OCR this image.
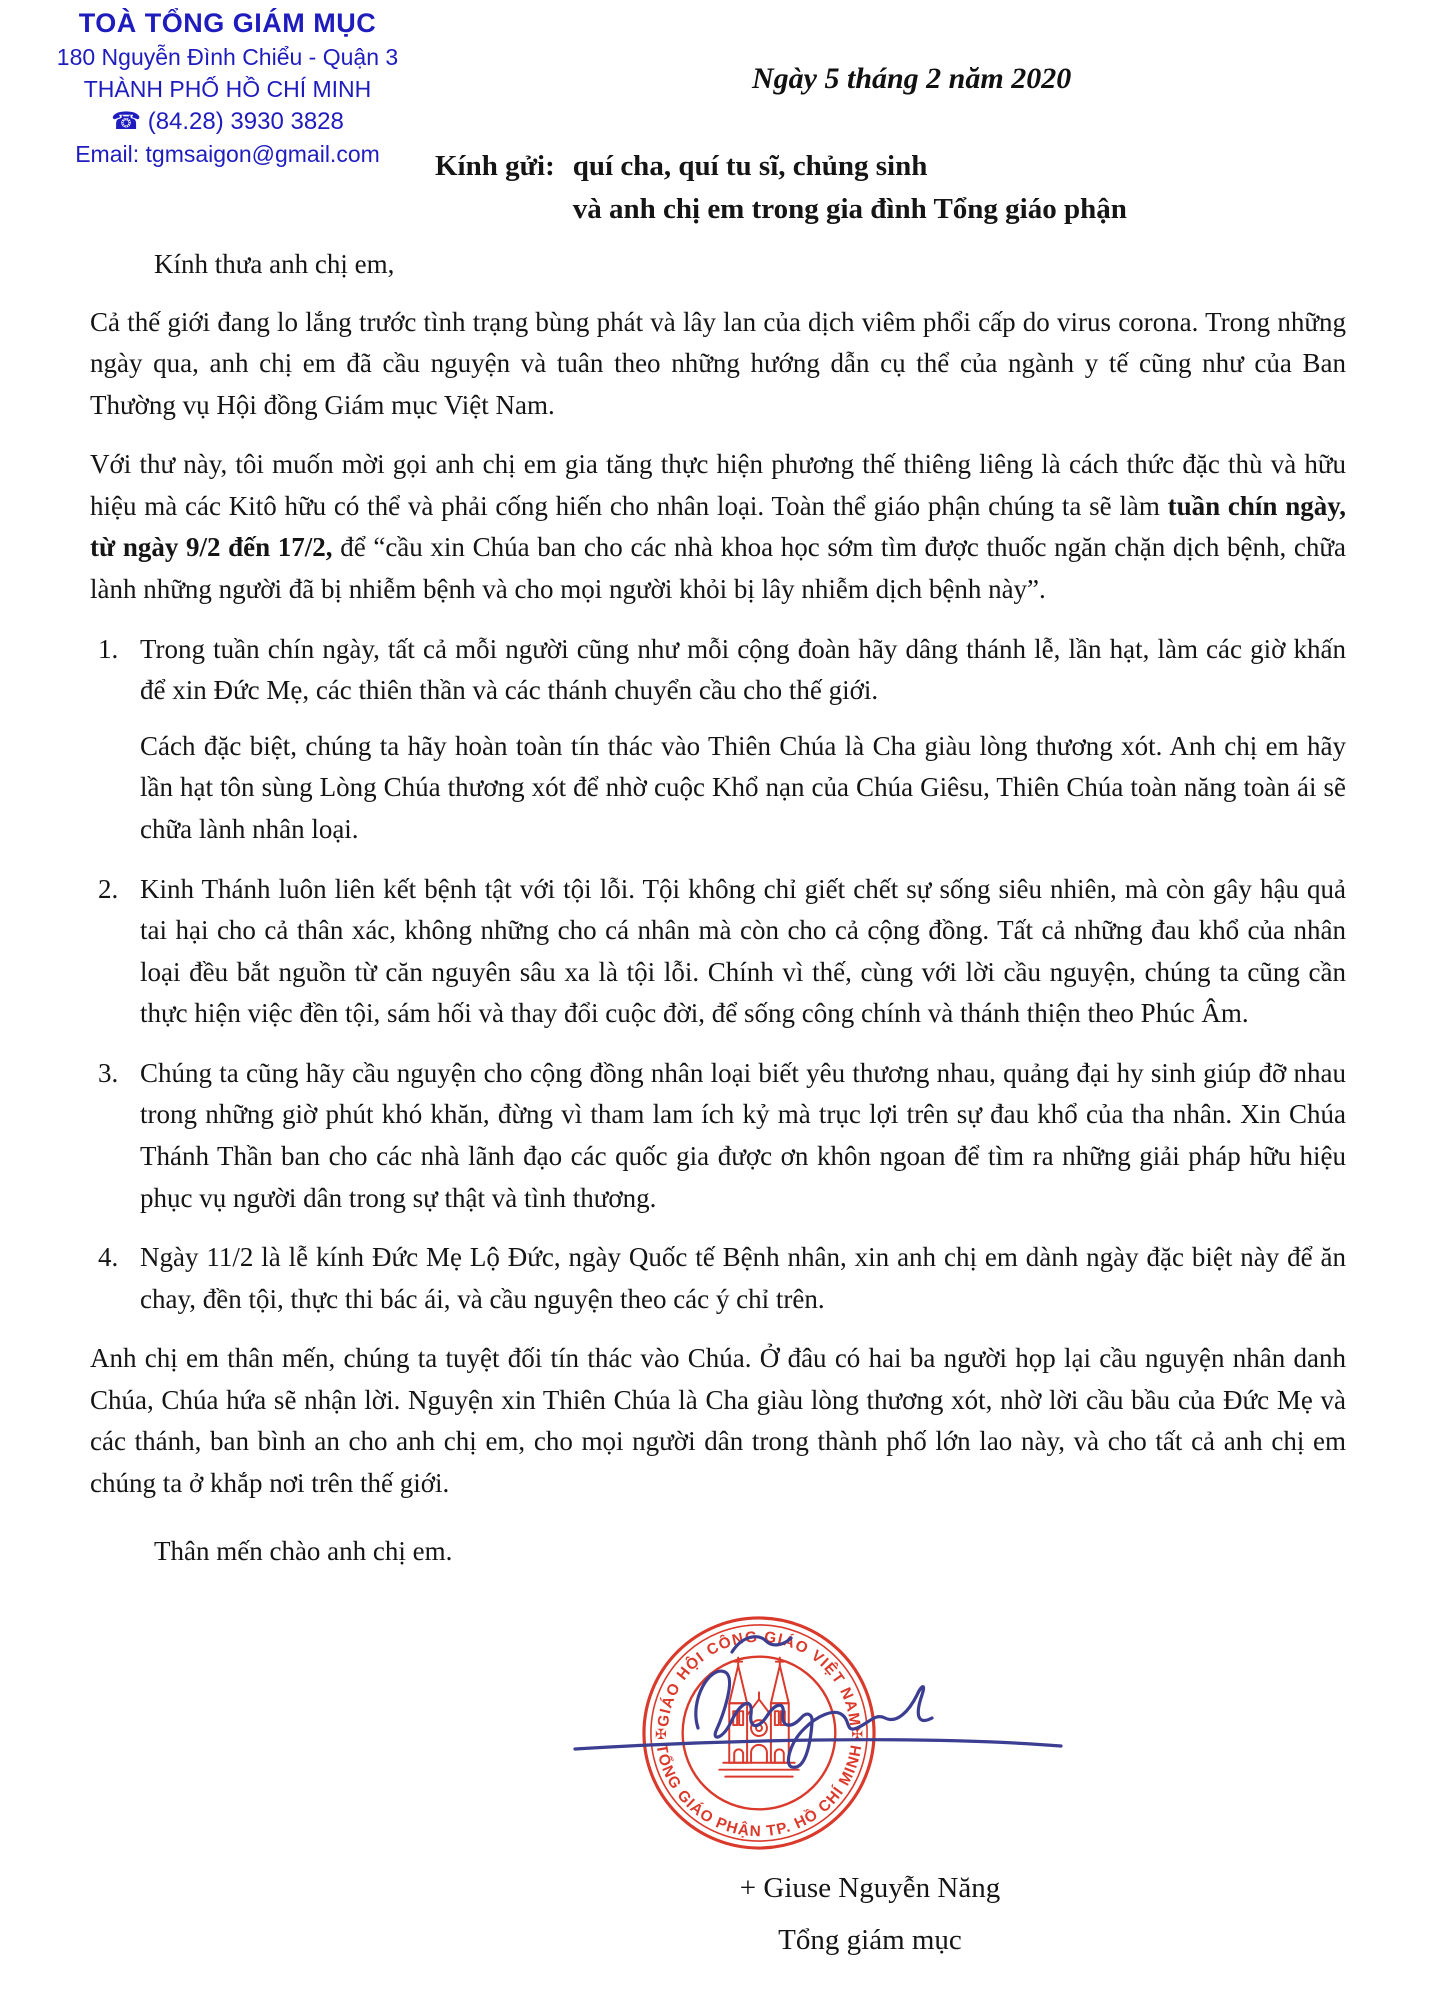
TOÀ TỔNG GIÁM MỤC
180 Nguyễn Đình Chiểu - Quận 3
THÀNH PHỐ HỒ CHÍ MINH
☎ (84.28) 3930 3828
Email: tgmsaigon@gmail.com
Ngày 5 tháng 2 năm 2020
Kính gửi: quí cha, quí tu sĩ, chủng sinh
và anh chị em trong gia đình Tổng giáo phận

Kính thưa anh chị em,

Cả thế giới đang lo lắng trước tình trạng bùng phát và lây lan của dịch viêm phổi cấp do virus corona. Trong những ngày qua, anh chị em đã cầu nguyện và tuân theo những hướng dẫn cụ thể của ngành y tế cũng như của Ban Thường vụ Hội đồng Giám mục Việt Nam.

Với thư này, tôi muốn mời gọi anh chị em gia tăng thực hiện phương thế thiêng liêng là cách thức đặc thù và hữu hiệu mà các Kitô hữu có thể và phải cống hiến cho nhân loại. Toàn thể giáo phận chúng ta sẽ làm tuần chín ngày, từ ngày 9/2 đến 17/2, để “cầu xin Chúa ban cho các nhà khoa học sớm tìm được thuốc ngăn chặn dịch bệnh, chữa lành những người đã bị nhiễm bệnh và cho mọi người khỏi bị lây nhiễm dịch bệnh này”.

1. Trong tuần chín ngày, tất cả mỗi người cũng như mỗi cộng đoàn hãy dâng thánh lễ, lần hạt, làm các giờ khấn để xin Đức Mẹ, các thiên thần và các thánh chuyển cầu cho thế giới.
Cách đặc biệt, chúng ta hãy hoàn toàn tín thác vào Thiên Chúa là Cha giàu lòng thương xót. Anh chị em hãy lần hạt tôn sùng Lòng Chúa thương xót để nhờ cuộc Khổ nạn của Chúa Giêsu, Thiên Chúa toàn năng toàn ái sẽ chữa lành nhân loại.
2. Kinh Thánh luôn liên kết bệnh tật với tội lỗi. Tội không chỉ giết chết sự sống siêu nhiên, mà còn gây hậu quả tai hại cho cả thân xác, không những cho cá nhân mà còn cho cả cộng đồng. Tất cả những đau khổ của nhân loại đều bắt nguồn từ căn nguyên sâu xa là tội lỗi. Chính vì thế, cùng với lời cầu nguyện, chúng ta cũng cần thực hiện việc đền tội, sám hối và thay đổi cuộc đời, để sống công chính và thánh thiện theo Phúc Âm.
3. Chúng ta cũng hãy cầu nguyện cho cộng đồng nhân loại biết yêu thương nhau, quảng đại hy sinh giúp đỡ nhau trong những giờ phút khó khăn, đừng vì tham lam ích kỷ mà trục lợi trên sự đau khổ của tha nhân. Xin Chúa Thánh Thần ban cho các nhà lãnh đạo các quốc gia được ơn khôn ngoan để tìm ra những giải pháp hữu hiệu phục vụ người dân trong sự thật và tình thương.
4. Ngày 11/2 là lễ kính Đức Mẹ Lộ Đức, ngày Quốc tế Bệnh nhân, xin anh chị em dành ngày đặc biệt này để ăn chay, đền tội, thực thi bác ái, và cầu nguyện theo các ý chỉ trên.

Anh chị em thân mến, chúng ta tuyệt đối tín thác vào Chúa. Ở đâu có hai ba người họp lại cầu nguyện nhân danh Chúa, Chúa hứa sẽ nhận lời. Nguyện xin Thiên Chúa là Cha giàu lòng thương xót, nhờ lời cầu bầu của Đức Mẹ và các thánh, ban bình an cho anh chị em, cho mọi người dân trong thành phố lớn lao này, và cho tất cả anh chị em chúng ta ở khắp nơi trên thế giới.

Thân mến chào anh chị em.

GIÁO HỘI CÔNG GIÁO VIỆT NAM
TỔNG GIÁO PHẬN TP. HỒ CHÍ MINH
✠	✠
+ Giuse Nguyễn Năng
Tổng giám mục
